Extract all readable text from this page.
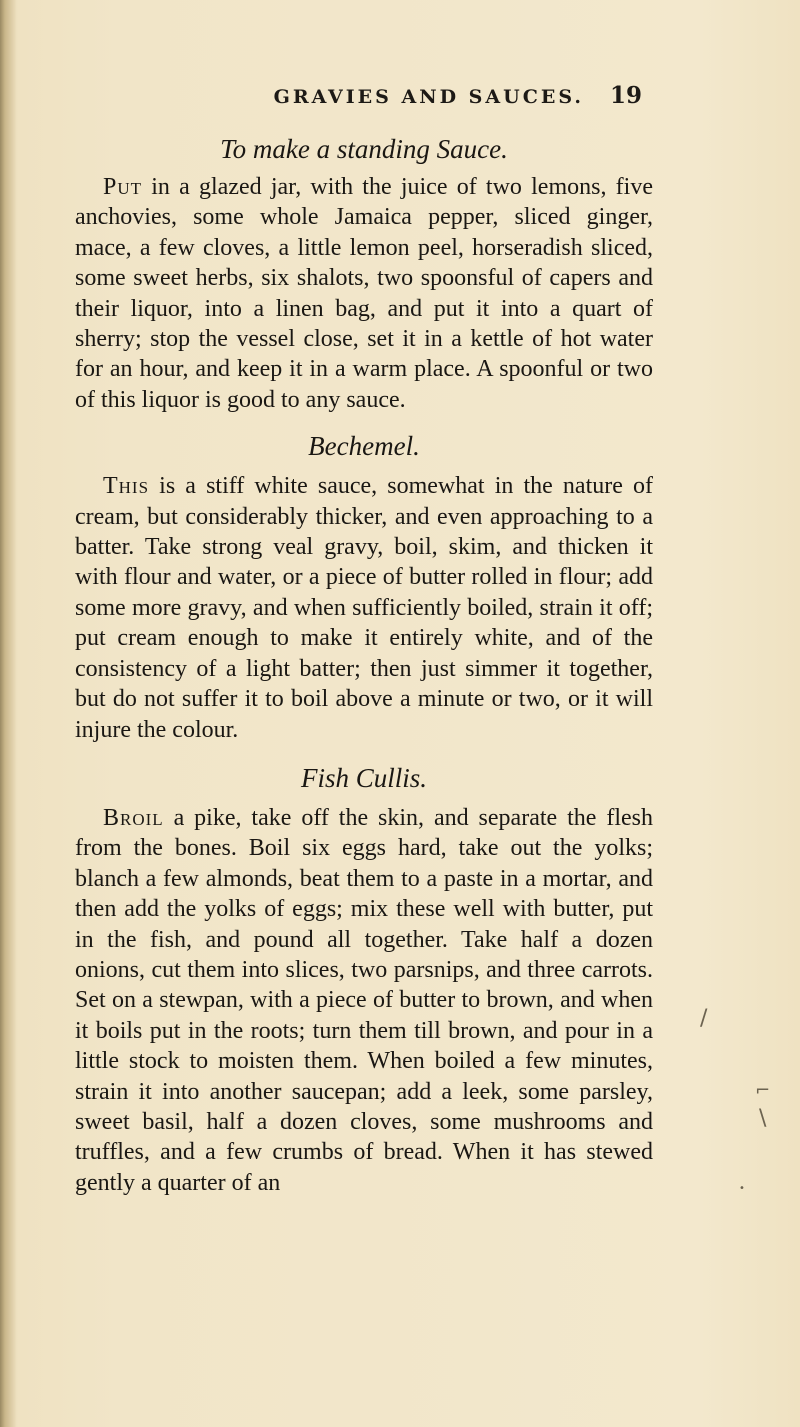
GRAVIES AND SAUCES. 19
To make a standing Sauce.

Put in a glazed jar, with the juice of two lemons, five anchovies, some whole Jamaica pepper, sliced ginger, mace, a few cloves, a little lemon peel, horseradish sliced, some sweet herbs, six shalots, two spoonsful of capers and their liquor, into a linen bag, and put it into a quart of sherry; stop the vessel close, set it in a kettle of hot water for an hour, and keep it in a warm place. A spoonful or two of this liquor is good to any sauce.

Bechemel.

This is a stiff white sauce, somewhat in the nature of cream, but considerably thicker, and even approaching to a batter. Take strong veal gravy, boil, skim, and thicken it with flour and water, or a piece of butter rolled in flour; add some more gravy, and when sufficiently boiled, strain it off; put cream enough to make it entirely white, and of the consistency of a light batter; then just simmer it together, but do not suffer it to boil above a minute or two, or it will injure the colour.

Fish Cullis.

Broil a pike, take off the skin, and separate the flesh from the bones. Boil six eggs hard, take out the yolks; blanch a few almonds, beat them to a paste in a mortar, and then add the yolks of eggs; mix these well with butter, put in the fish, and pound all together. Take half a dozen onions, cut them into slices, two parsnips, and three carrots. Set on a stewpan, with a piece of butter to brown, and when it boils put in the roots; turn them till brown, and pour in a little stock to moisten them. When boiled a few minutes, strain it into another saucepan; add a leek, some parsley, sweet basil, half a dozen cloves, some mushrooms and truffles, and a few crumbs of bread. When it has stewed gently a quarter of an

/
⌐
\
•
